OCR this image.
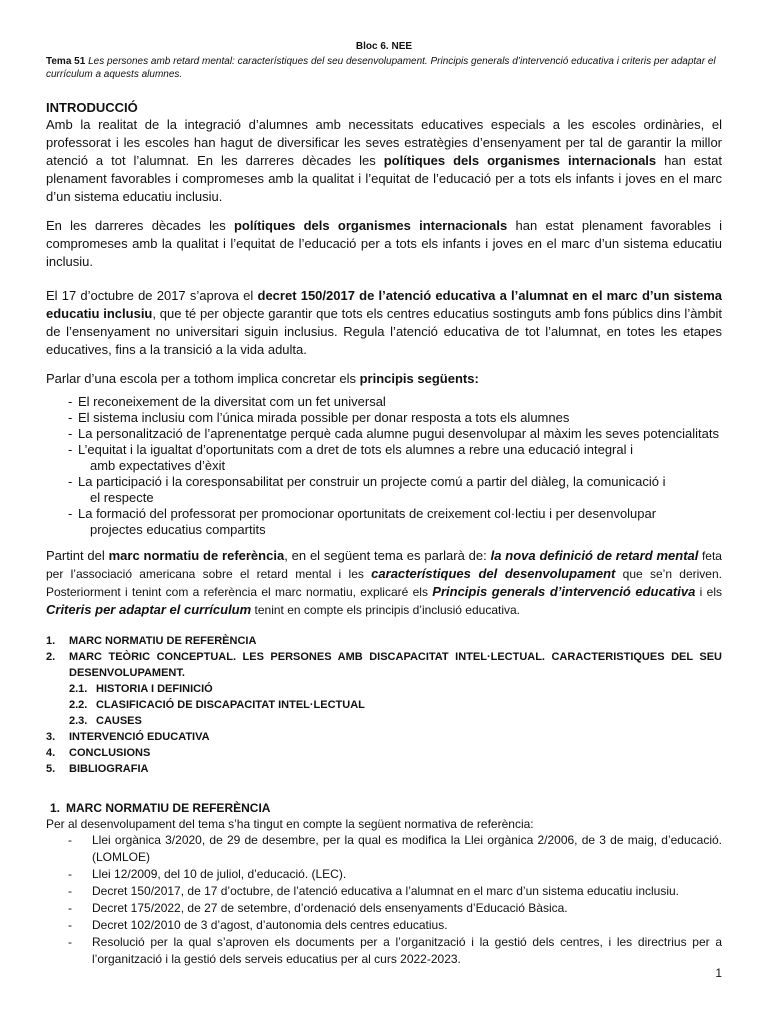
Bloc 6. NEE

Tema 51 Les persones amb retard mental: característiques del seu desenvolupament. Principis generals d’intervenció educativa i criteris per adaptar el currículum a aquests alumnes.

INTRODUCCIÓ

Amb la realitat de la integració d’alumnes amb necessitats educatives especials a les escoles ordinàries, el professorat i les escoles han hagut de diversificar les seves estratègies d’ensenyament per tal de garantir la millor atenció a tot l’alumnat. En les darreres dècades les polítiques dels organismes internacionals han estat plenament favorables i compromeses amb la qualitat i l’equitat de l’educació per a tots els infants i joves en el marc d’un sistema educatiu inclusiu.

En les darreres dècades les polítiques dels organismes internacionals han estat plenament favorables i compromeses amb la qualitat i l’equitat de l’educació per a tots els infants i joves en el marc d’un sistema educatiu inclusiu.

El 17 d’octubre de 2017 s’aprova el decret 150/2017 de l’atenció educativa a l’alumnat en el marc d’un sistema educatiu inclusiu, que té per objecte garantir que tots els centres educatius sostinguts amb fons públics dins l’àmbit de l’ensenyament no universitari siguin inclusius. Regula l’atenció educativa de tot l’alumnat, en totes les etapes educatives, fins a la transició a la vida adulta.

Parlar d’una escola per a tothom implica concretar els principis següents:

- El reconeixement de la diversitat com un fet universal
- El sistema inclusiu com l’única mirada possible per donar resposta a tots els alumnes
- La personalització de l’aprenentatge perquè cada alumne pugui desenvolupar al màxim les seves potencialitats
- L’equitat i la igualtat d’oportunitats com a dret de tots els alumnes a rebre una educació integral i
amb expectatives d’èxit
- La participació i la coresponsabilitat per construir un projecte comú a partir del diàleg, la comunicació i
el respecte
- La formació del professorat per promocionar oportunitats de creixement col·lectiu i per desenvolupar
projectes educatius compartits

Partint del marc normatiu de referència, en el següent tema es parlarà de: la nova definició de retard mental feta per l’associació americana sobre el retard mental i les característiques del desenvolupament que se’n deriven. Posteriorment i tenint com a referència el marc normatiu, explicaré els Principis generals d’intervenció educativa i els Criteris per adaptar el currículum tenint en compte els principis d’inclusió educativa.

1. MARC NORMATIU DE REFERÈNCIA
2. MARC TEÒRIC CONCEPTUAL. LES PERSONES AMB DISCAPACITAT INTEL·LECTUAL. CARACTERISTIQUES DEL SEU DESENVOLUPAMENT.
2.1. HISTORIA I DEFINICIÓ
2.2. CLASIFICACIÓ DE DISCAPACITAT INTEL·LECTUAL
2.3. CAUSES
3. INTERVENCIÓ EDUCATIVA
4. CONCLUSIONS
5. BIBLIOGRAFIA
1. MARC NORMATIU DE REFERÈNCIA

Per al desenvolupament del tema s’ha tingut en compte la següent normativa de referència:

- Llei orgànica 3/2020, de 29 de desembre, per la qual es modifica la Llei orgànica 2/2006, de 3 de maig, d’educació. (LOMLOE)
- Llei 12/2009, del 10 de juliol, d’educació. (LEC).
- Decret 150/2017, de 17 d’octubre, de l’atenció educativa a l’alumnat en el marc d’un sistema educatiu inclusiu.
- Decret 175/2022, de 27 de setembre, d’ordenació dels ensenyaments d’Educació Bàsica.
- Decret 102/2010 de 3 d’agost, d’autonomia dels centres educatius.
- Resolució per la qual s’aproven els documents per a l’organització i la gestió dels centres, i les directrius per a l’organització i la gestió dels serveis educatius per al curs 2022-2023.
1
